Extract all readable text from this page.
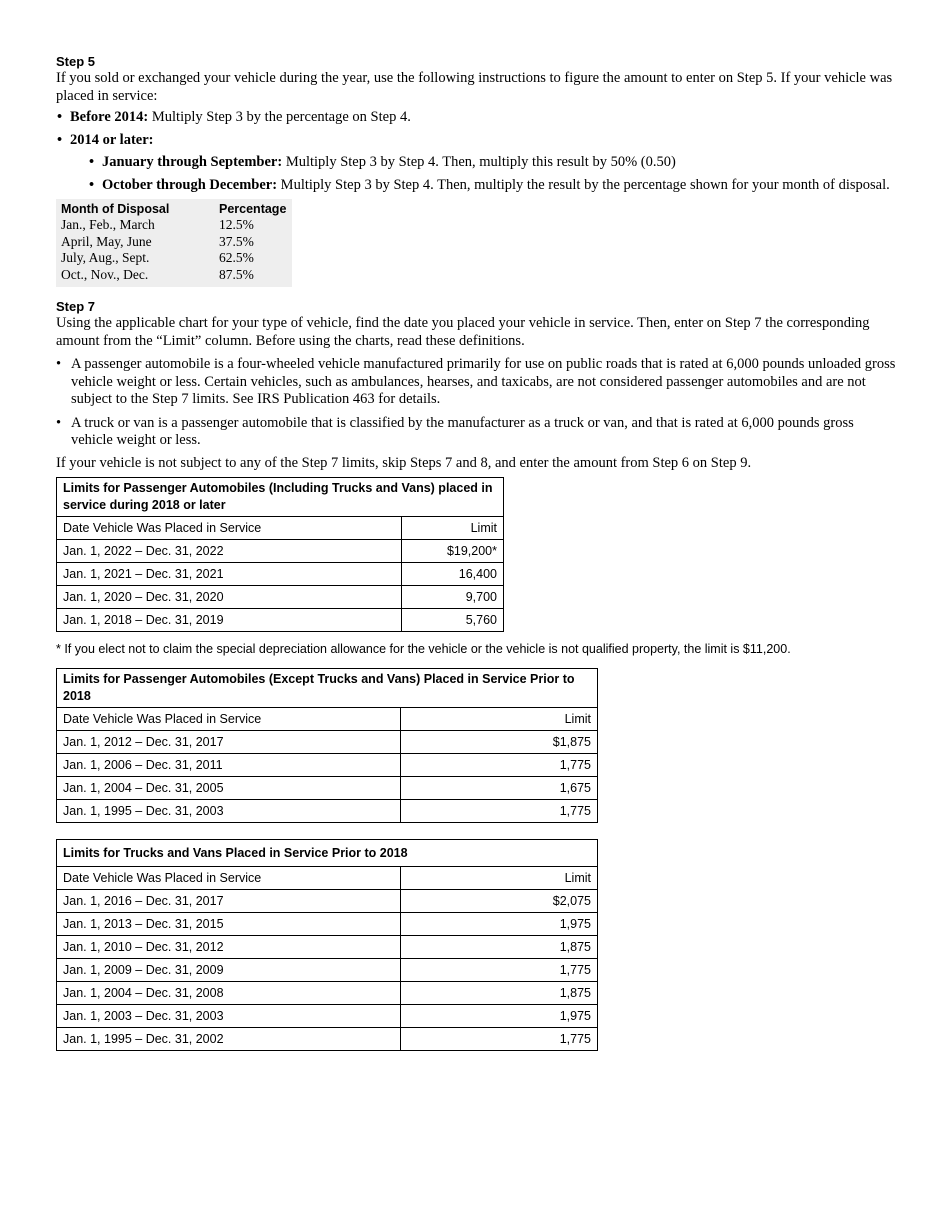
Step 5

If you sold or exchanged your vehicle during the year, use the following instructions to figure the amount to enter on Step 5. If your vehicle was placed in service:

• Before 2014: Multiply Step 3 by the percentage on Step 4.
• 2014 or later:
• January through September: Multiply Step 3 by Step 4. Then, multiply this result by 50% (0.50)
• October through December: Multiply Step 3 by Step 4. Then, multiply the result by the percentage shown for your month of disposal.
Month of Disposal	Percentage
Jan., Feb., March	12.5%
April, May, June	37.5%
July, Aug., Sept.	62.5%
Oct., Nov., Dec.	87.5%
Step 7

Using the applicable chart for your type of vehicle, find the date you placed your vehicle in service. Then, enter on Step 7 the corresponding amount from the “Limit” column. Before using the charts, read these definitions.

• A passenger automobile is a four-wheeled vehicle manufactured primarily for use on public roads that is rated at 6,000 pounds unloaded gross vehicle weight or less. Certain vehicles, such as ambulances, hearses, and taxicabs, are not considered passenger automobiles and are not subject to the Step 7 limits. See IRS Publication 463 for details.
• A truck or van is a passenger automobile that is classified by the manufacturer as a truck or van, and that is rated at 6,000 pounds gross vehicle weight or less.

If your vehicle is not subject to any of the Step 7 limits, skip Steps 7 and 8, and enter the amount from Step 6 on Step 9.

Limits for Passenger Automobiles (Including Trucks and Vans) placed in service during 2018 or later	
Date Vehicle Was Placed in Service	Limit
Jan. 1, 2022 – Dec. 31, 2022	$19,200*
Jan. 1, 2021 – Dec. 31, 2021	16,400
Jan. 1, 2020 – Dec. 31, 2020	9,700
Jan. 1, 2018 – Dec. 31, 2019	5,760

* If you elect not to claim the special depreciation allowance for the vehicle or the vehicle is not qualified property, the limit is $11,200.

Limits for Passenger Automobiles (Except Trucks and Vans) Placed in Service Prior to 2018	
Date Vehicle Was Placed in Service	Limit
Jan. 1, 2012 – Dec. 31, 2017	$1,875
Jan. 1, 2006 – Dec. 31, 2011	1,775
Jan. 1, 2004 – Dec. 31, 2005	1,675
Jan. 1, 1995 – Dec. 31, 2003	1,775
Limits for Trucks and Vans Placed in Service Prior to 2018	
Date Vehicle Was Placed in Service	Limit
Jan. 1, 2016 – Dec. 31, 2017	$2,075
Jan. 1, 2013 – Dec. 31, 2015	1,975
Jan. 1, 2010 – Dec. 31, 2012	1,875
Jan. 1, 2009 – Dec. 31, 2009	1,775
Jan. 1, 2004 – Dec. 31, 2008	1,875
Jan. 1, 2003 – Dec. 31, 2003	1,975
Jan. 1, 1995 – Dec. 31, 2002	1,775
